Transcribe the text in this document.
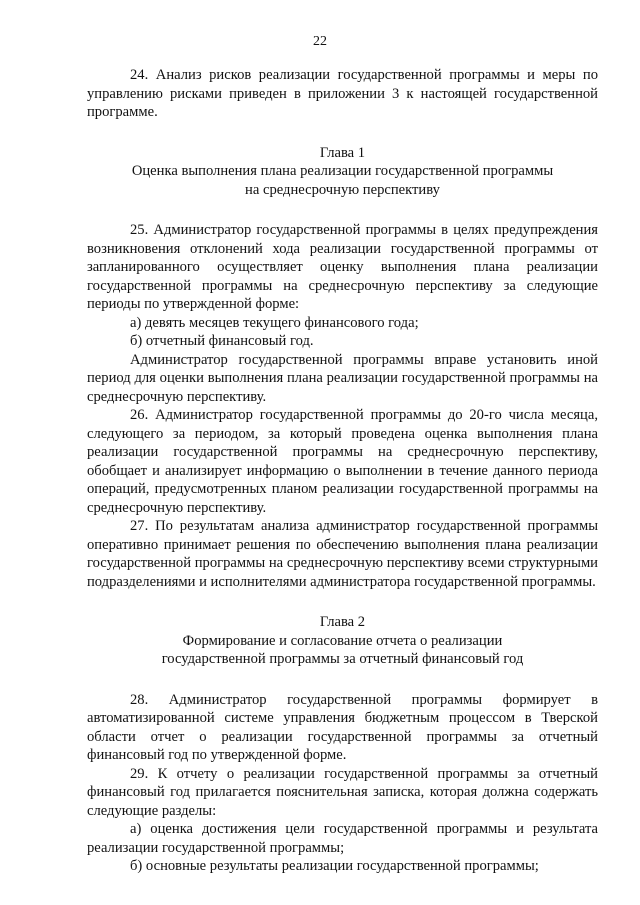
22

24. Анализ рисков реализации государственной программы и меры по управлению рисками приведен в приложении 3 к настоящей государственной программе.

Глава 1

Оценка выполнения плана реализации государственной программы

на среднесрочную перспективу

25. Администратор государственной программы в целях предупреждения возникновения отклонений хода реализации государственной программы от запланированного осуществляет оценку выполнения плана реализации государственной программы на среднесрочную перспективу за следующие периоды по утвержденной форме:

а) девять месяцев текущего финансового года;

б) отчетный финансовый год.

Администратор государственной программы вправе установить иной период для оценки выполнения плана реализации государственной программы на среднесрочную перспективу.

26. Администратор государственной программы до 20-го числа месяца, следующего за периодом, за который проведена оценка выполнения плана реализации государственной программы на среднесрочную перспективу, обобщает и анализирует информацию о выполнении в течение данного периода операций, предусмотренных планом реализации государственной программы на среднесрочную перспективу.

27. По результатам анализа администратор государственной программы оперативно принимает решения по обеспечению выполнения плана реализации государственной программы на среднесрочную перспективу всеми структурными подразделениями и исполнителями администратора государственной программы.

Глава 2

Формирование и согласование отчета о реализации

государственной программы за отчетный финансовый год

28. Администратор государственной программы формирует в автоматизированной системе управления бюджетным процессом в Тверской области отчет о реализации государственной программы за отчетный финансовый год по утвержденной форме.

29. К отчету о реализации государственной программы за отчетный финансовый год прилагается пояснительная записка, которая должна содержать следующие разделы:

а) оценка достижения цели государственной программы и результата реализации государственной программы;

б) основные результаты реализации государственной программы;
